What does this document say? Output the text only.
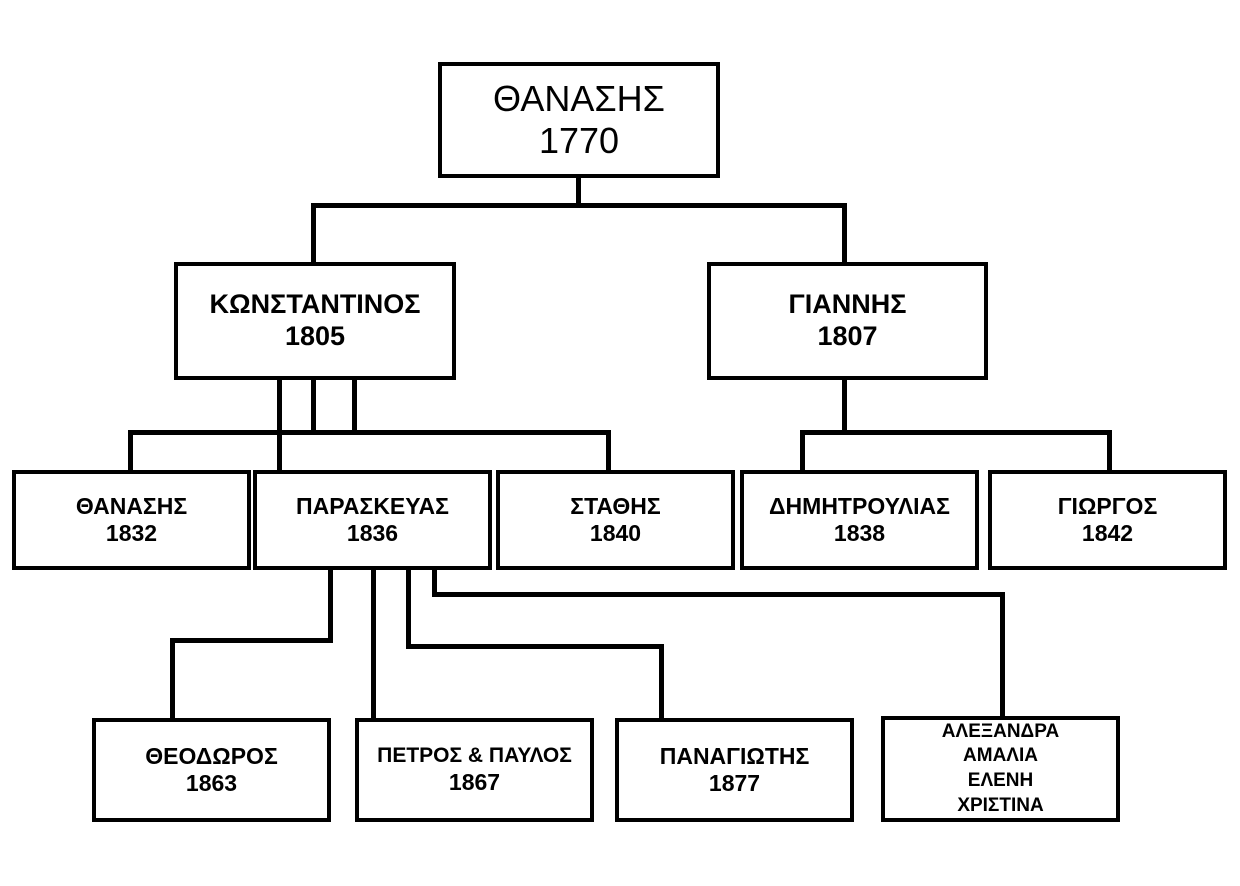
ΘΑΝΑΣΗΣ
1770
ΚΩΝΣΤΑΝΤΙΝΟΣ
1805
ΓΙΑΝΝΗΣ
1807
ΘΑΝΑΣΗΣ
1832
ΠΑΡΑΣΚΕΥΑΣ
1836
ΣΤΑΘΗΣ
1840
ΔΗΜΗΤΡΟΥΛΙΑΣ
1838
ΓΙΩΡΓΟΣ
1842
ΘΕΟΔΩΡΟΣ
1863
ΠΕΤΡΟΣ & ΠΑΥΛΟΣ
1867
ΠΑΝΑΓΙΩΤΗΣ
1877
ΑΛΕΞΑΝΔΡΑ
ΑΜΑΛΙΑ
ΕΛΕΝΗ
ΧΡΙΣΤΙΝΑ
